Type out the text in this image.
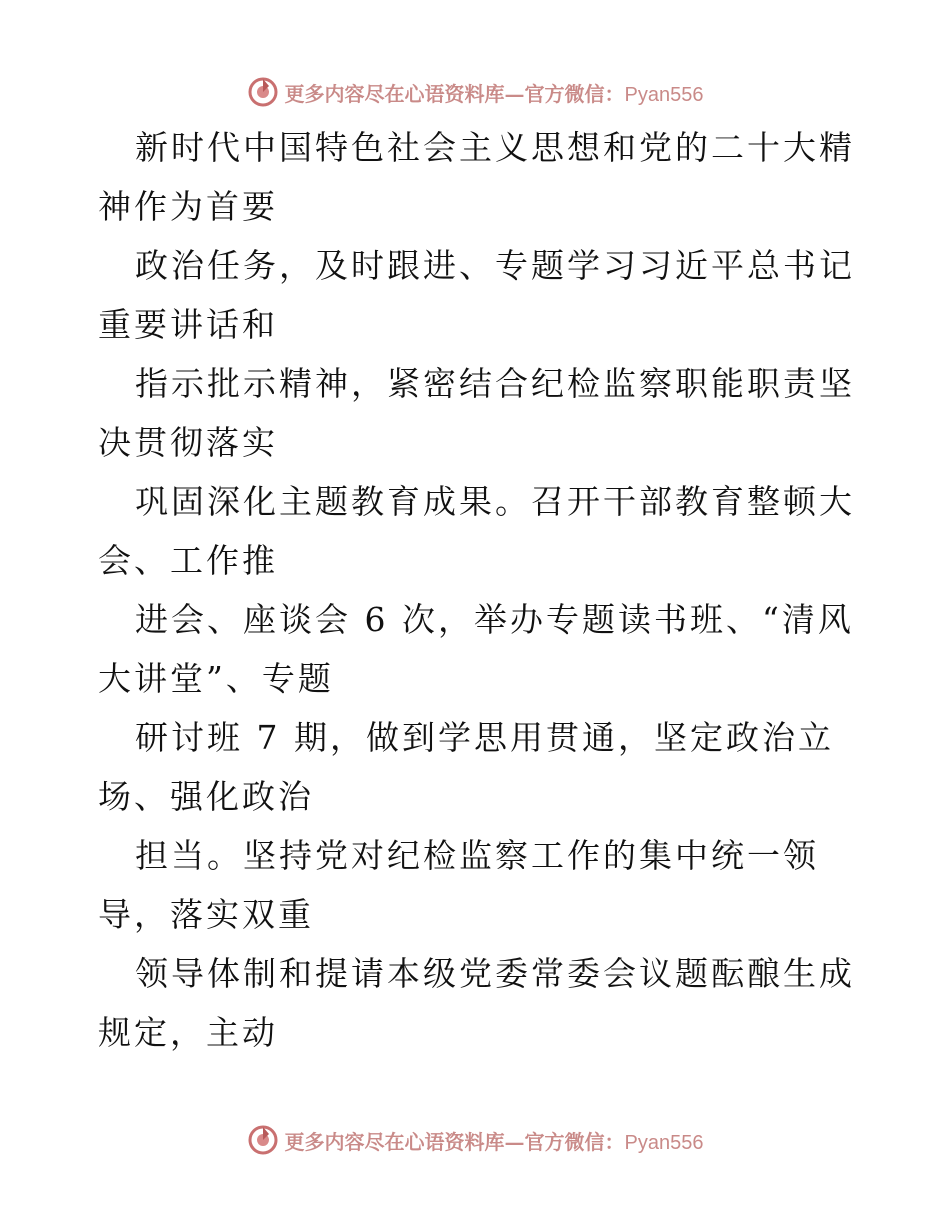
更多内容尽在心语资料库—官方微信：Pyan556

新时代中国特色社会主义思想和党的二十大精神作为首要

政治任务，及时跟进、专题学习习近平总书记重要讲话和

指示批示精神，紧密结合纪检监察职能职责坚决贯彻落实

巩固深化主题教育成果。召开干部教育整顿大会、工作推

进会、座谈会 6 次，举办专题读书班、“清风大讲堂”、专题

研讨班 7 期，做到学思用贯通，坚定政治立场、强化政治

担当。坚持党对纪检监察工作的集中统一领导，落实双重

领导体制和提请本级党委常委会议题酝酿生成规定，主动

更多内容尽在心语资料库—官方微信：Pyan556
